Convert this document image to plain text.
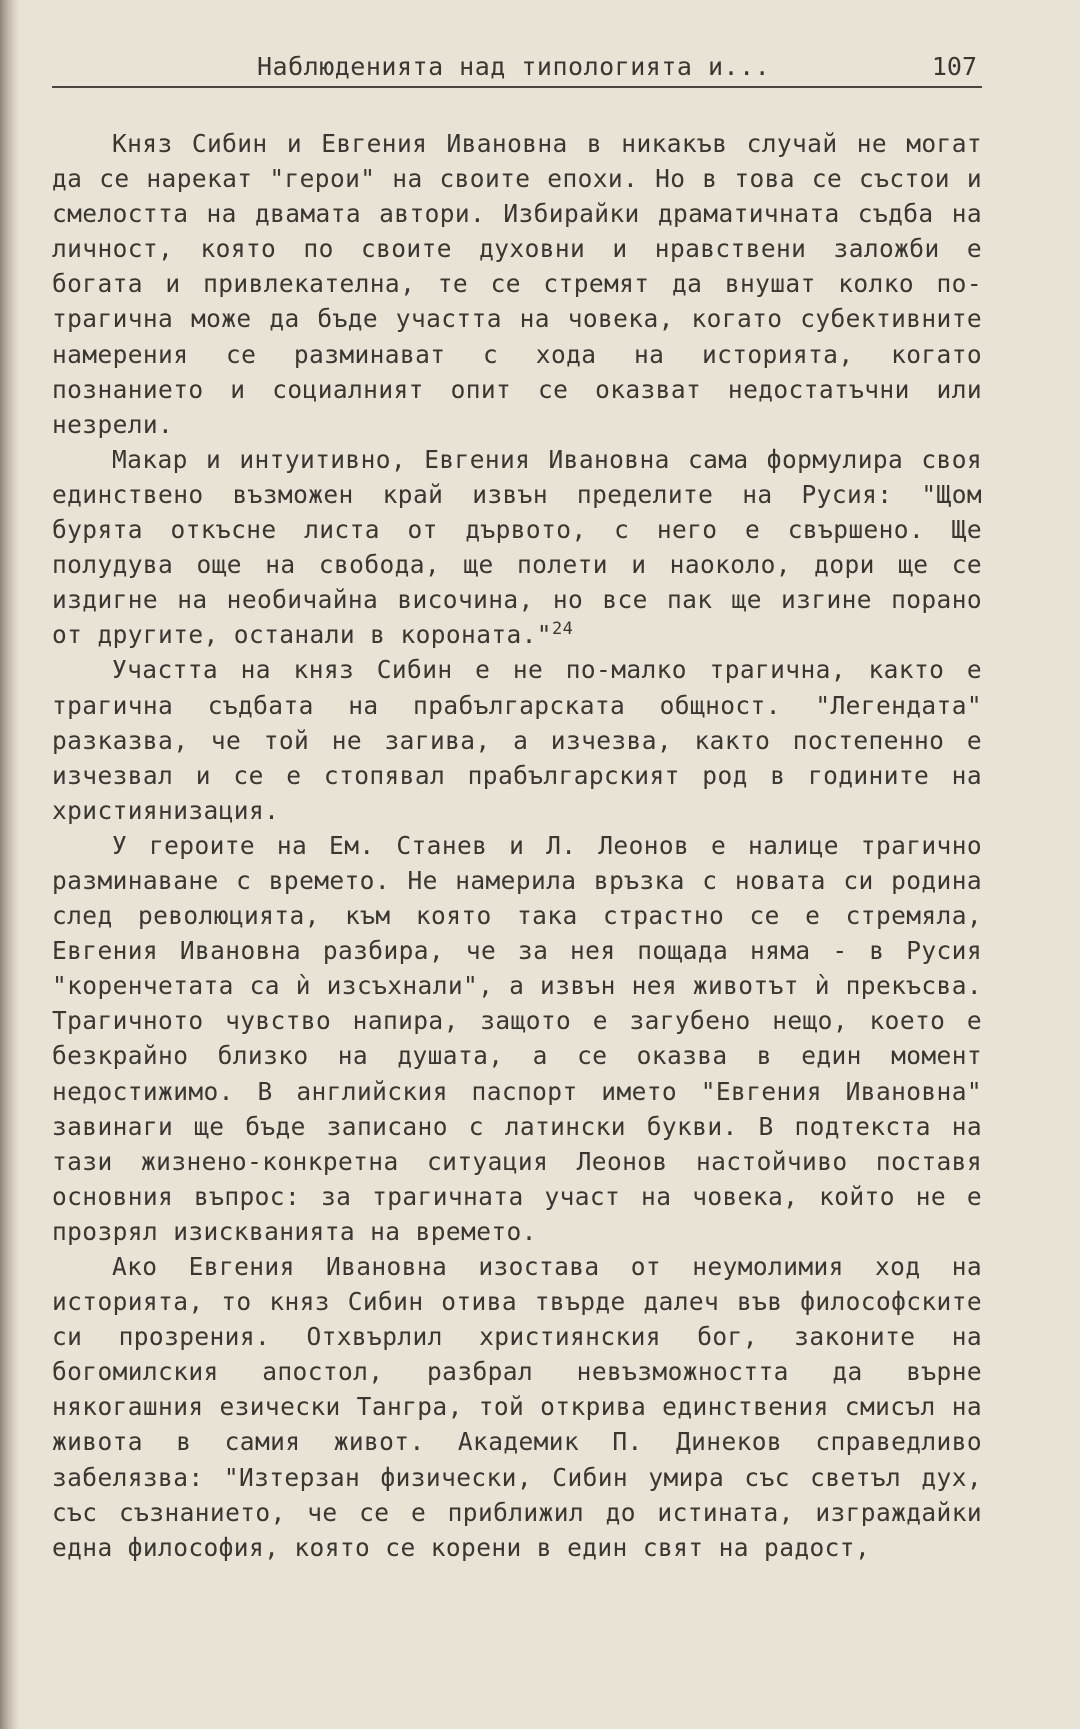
Наблюденията над типологията и...	107

Княз Сибин и Евгения Ивановна в никакъв случай не могат да се нарекат "герои" на своите епохи. Но в това се състои и смелостта на двамата автори. Избирайки драматичната съдба на личност, която по своите духовни и нравствени заложби е богата и привлекателна, те се стремят да внушат колко по-трагична може да бъде участта на човека, когато субективните намерения се разминават с хода на историята, когато познанието и социалният опит се оказват недостатъчни или незрели.

Макар и интуитивно, Евгения Ивановна сама формулира своя единствено възможен край извън пределите на Русия: "Щом бурята откъсне листа от дървото, с него е свършено. Ще полудува още на свобода, ще полети и наоколо, дори ще се издигне на необичайна височина, но все пак ще изгине порано от другите, останали в короната."$^{24}$

Участта на княз Сибин е не по-малко трагична, както е трагична съдбата на прабългарската общност. "Легендата" разказва, че той не загива, а изчезва, както постепенно е изчезвал и се е стопявал прабългарският род в годините на християнизация.

У героите на Ем. Станев и Л. Леонов е налице трагично разминаване с времето. Не намерила връзка с новата си родина след революцията, към която така страстно се е стремяла, Евгения Ивановна разбира, че за нея пощада няма - в Русия "коренчетата са ѝ изсъхнали", а извън нея животът ѝ прекъсва. Трагичното чувство напира, защото е загубено нещо, което е безкрайно близко на душата, а се оказва в един момент недостижимо. В английския паспорт името "Евгения Ивановна" завинаги ще бъде записано с латински букви. В подтекста на тази жизнено-конкретна ситуация Леонов настойчиво поставя основния въпрос: за трагичната участ на човека, който не е прозрял изискванията на времето.

Ако Евгения Ивановна изостава от неумолимия ход на историята, то княз Сибин отива твърде далеч във философските си прозрения. Отхвърлил християнския бог, законите на богомилския апостол, разбрал невъзможността да върне някогашния езически Тангра, той открива единствения смисъл на живота в самия живот. Академик П. Динеков справедливо забелязва: "Изтерзан физически, Сибин умира със светъл дух, със съзнанието, че се е приближил до истината, изграждайки една философия, която се корени в един свят на радост,
